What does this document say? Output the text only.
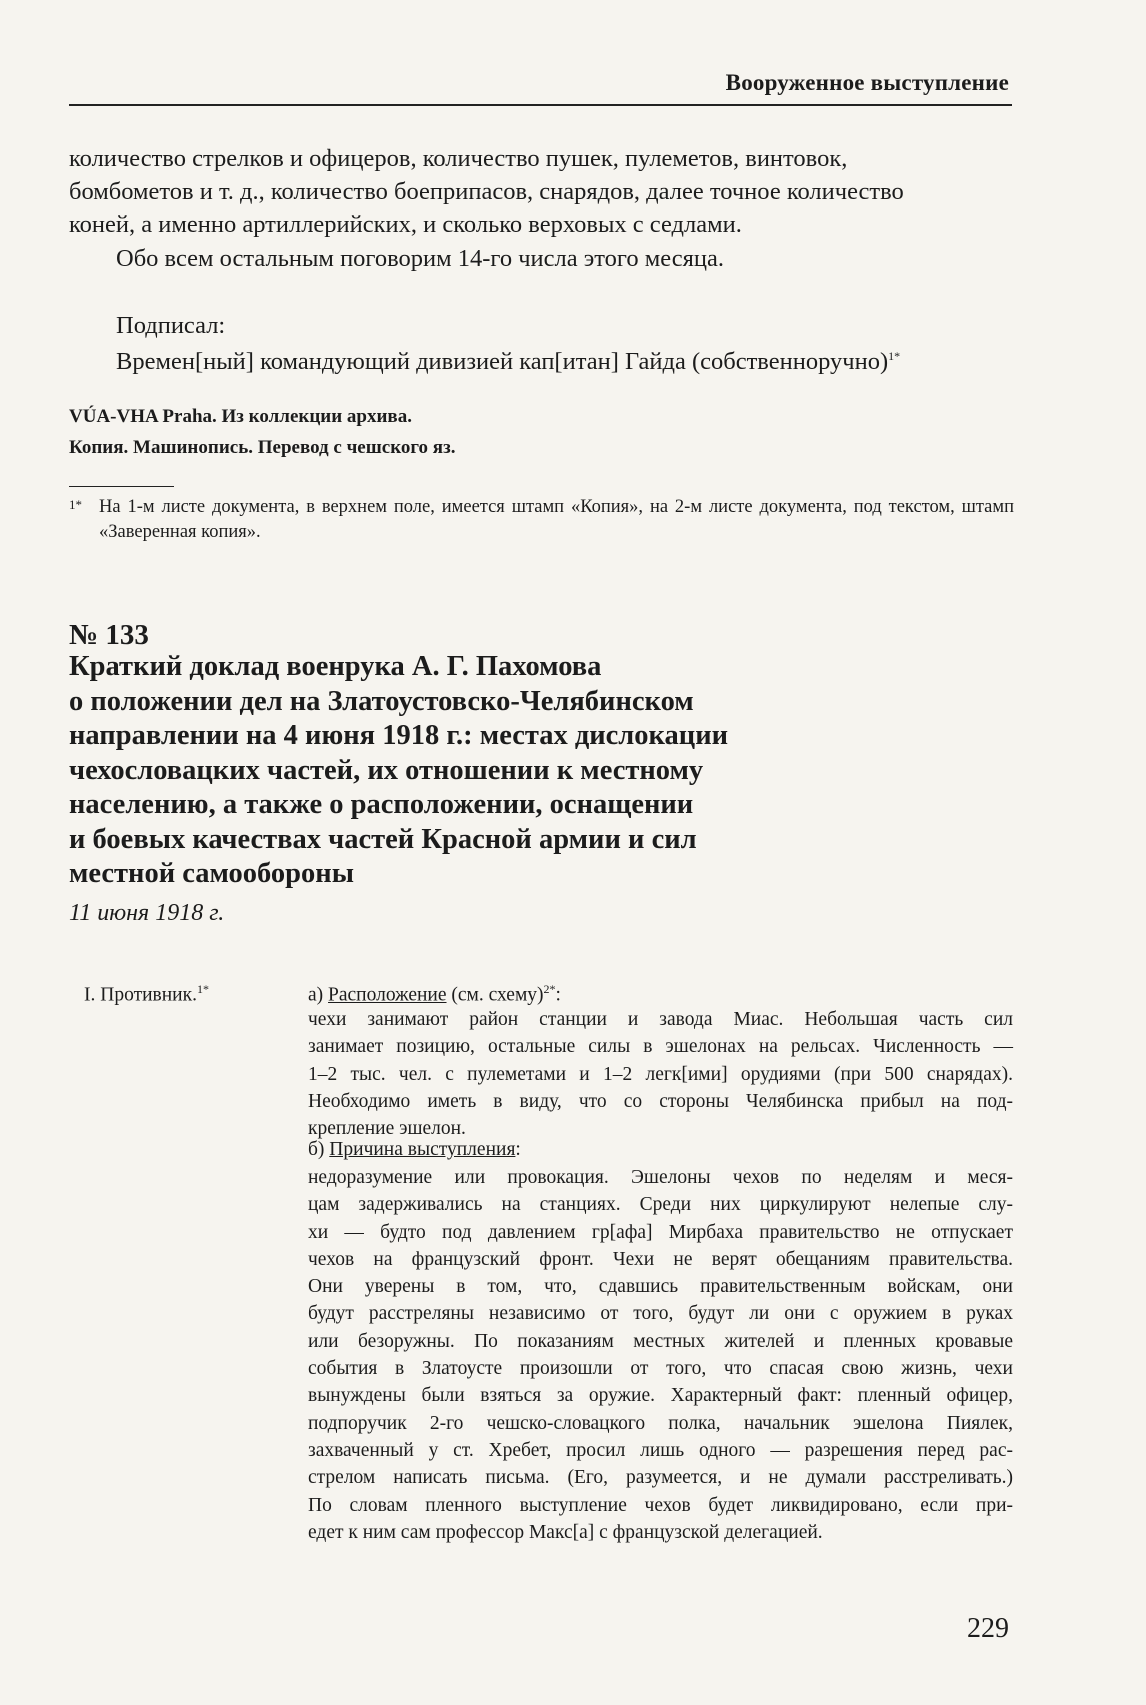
Вооруженное выступление
количество стрелков и офицеров, количество пушек, пулеметов, винтовок,
бомбометов и т. д., количество боеприпасов, снарядов, далее точное количество
коней, а именно артиллерийских, и сколько верховых с седлами.
Обо всем остальным поговорим 14-го числа этого месяца.
Подписал:
Времен[ный] командующий дивизией кап[итан] Гайда (собственноручно)$^{1*}$
VÚA-VHA Praha. Из коллекции архива.
Копия. Машинопись. Перевод с чешского яз.
1* На 1-м листе документа, в верхнем поле, имеется штамп «Копия», на 2-м листе документа, под текстом, штамп «Заверенная копия».
№ 133
Краткий доклад военрука А. Г. Пахомова
о положении дел на Златоустовско-Челябинском
направлении на 4 июня 1918 г.: местах дислокации
чехословацких частей, их отношении к местному
населению, а также о расположении, оснащении
и боевых качествах частей Красной армии и сил
местной самообороны
11 июня 1918 г.
I. Противник.$^{1*}$	а) Расположение (см. схему)$^{2*}$:
чехи занимают район станции и завода Миас. Небольшая часть сил
занимает позицию, остальные силы в эшелонах на рельсах. Численность —
1–2 тыс. чел. с пулеметами и 1–2 легк[ими] орудиями (при 500 снарядах).
Необходимо иметь в виду, что со стороны Челябинска прибыл на под-
крепление эшелон.
б) Причина выступления:
недоразумение или провокация. Эшелоны чехов по неделям и меся-
цам задерживались на станциях. Среди них циркулируют нелепые слу-
хи — будто под давлением гр[афа] Мирбаха правительство не отпускает
чехов на французский фронт. Чехи не верят обещаниям правительства.
Они уверены в том, что, сдавшись правительственным войскам, они
будут расстреляны независимо от того, будут ли они с оружием в руках
или безоружны. По показаниям местных жителей и пленных кровавые
события в Златоусте произошли от того, что спасая свою жизнь, чехи
вынуждены были взяться за оружие. Характерный факт: пленный офицер,
подпоручик 2-го чешско-словацкого полка, начальник эшелона Пиялек,
захваченный у ст. Хребет, просил лишь одного — разрешения перед рас-
стрелом написать письма. (Его, разумеется, и не думали расстреливать.)
По словам пленного выступление чехов будет ликвидировано, если при-
едет к ним сам профессор Макс[а] с французской делегацией.
229
